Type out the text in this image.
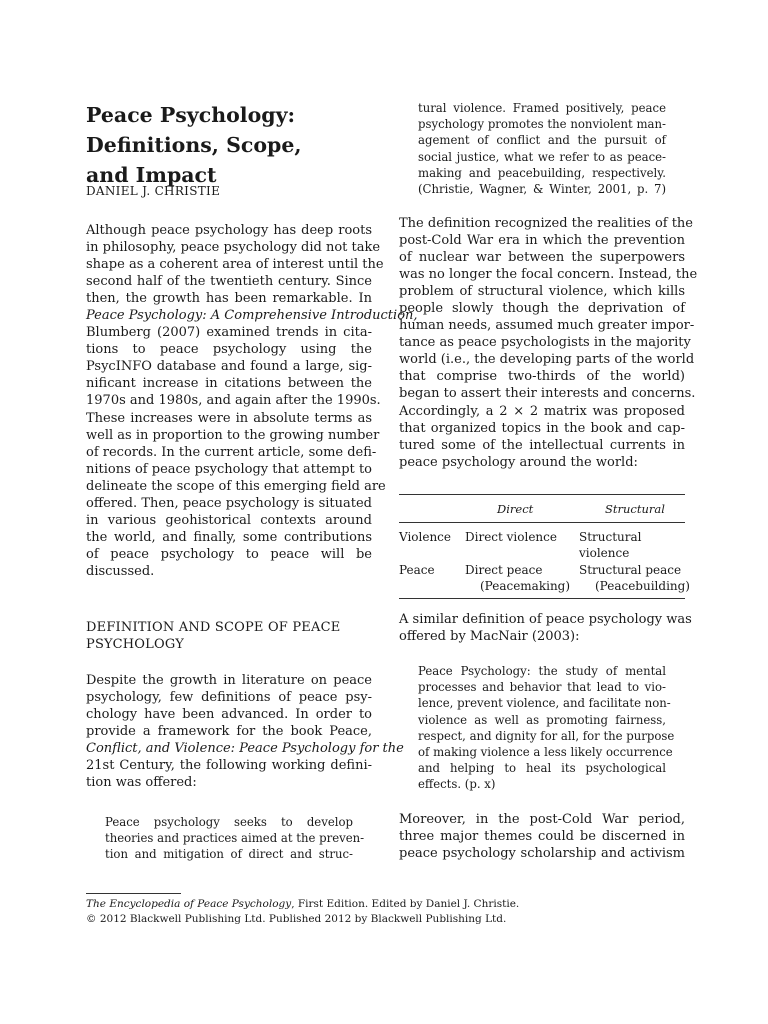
Peace Psychology:
Definitions, Scope,
and Impact
DANIEL J. CHRISTIE
Although peace psychology has deep roots
in philosophy, peace psychology did not take
shape as a coherent area of interest until the
second half of the twentieth century. Since
then, the growth has been remarkable. In
Peace Psychology: A Comprehensive Introduction,
Blumberg (2007) examined trends in cita-
tions to peace psychology using the
PsycINFO database and found a large, sig-
nificant increase in citations between the
1970s and 1980s, and again after the 1990s.
These increases were in absolute terms as
well as in proportion to the growing number
of records. In the current article, some defi-
nitions of peace psychology that attempt to
delineate the scope of this emerging field are
offered. Then, peace psychology is situated
in various geohistorical contexts around
the world, and finally, some contributions
of peace psychology to peace will be
discussed.
DEFINITION AND SCOPE OF PEACE
PSYCHOLOGY
Despite the growth in literature on peace
psychology, few definitions of peace psy-
chology have been advanced. In order to
provide a framework for the book Peace,
Conflict, and Violence: Peace Psychology for the
21st Century, the following working defini-
tion was offered:
Peace psychology seeks to develop
theories and practices aimed at the preven-
tion and mitigation of direct and struc-
tural violence. Framed positively, peace
psychology promotes the nonviolent man-
agement of conflict and the pursuit of
social justice, what we refer to as peace-
making and peacebuilding, respectively.
(Christie, Wagner, & Winter, 2001, p. 7)
The definition recognized the realities of the
post-Cold War era in which the prevention
of nuclear war between the superpowers
was no longer the focal concern. Instead, the
problem of structural violence, which kills
people slowly though the deprivation of
human needs, assumed much greater impor-
tance as peace psychologists in the majority
world (i.e., the developing parts of the world
that comprise two-thirds of the world)
began to assert their interests and concerns.
Accordingly, a 2 × 2 matrix was proposed
that organized topics in the book and cap-
tured some of the intellectual currents in
peace psychology around the world:
Direct	Structural
Violence Direct violence Structural
violence
Peace	Direct peace
(Peacemaking)
Structural peace
(Peacebuilding)
A similar definition of peace psychology was
offered by MacNair (2003):
Peace Psychology: the study of mental
processes and behavior that lead to vio-
lence, prevent violence, and facilitate non-
violence as well as promoting fairness,
respect, and dignity for all, for the purpose
of making violence a less likely occurrence
and helping to heal its psychological
effects. (p. x)
Moreover, in the post-Cold War period,
three major themes could be discerned in
peace psychology scholarship and activism
The Encyclopedia of Peace Psychology, First Edition. Edited by Daniel J. Christie.
© 2012 Blackwell Publishing Ltd. Published 2012 by Blackwell Publishing Ltd.
